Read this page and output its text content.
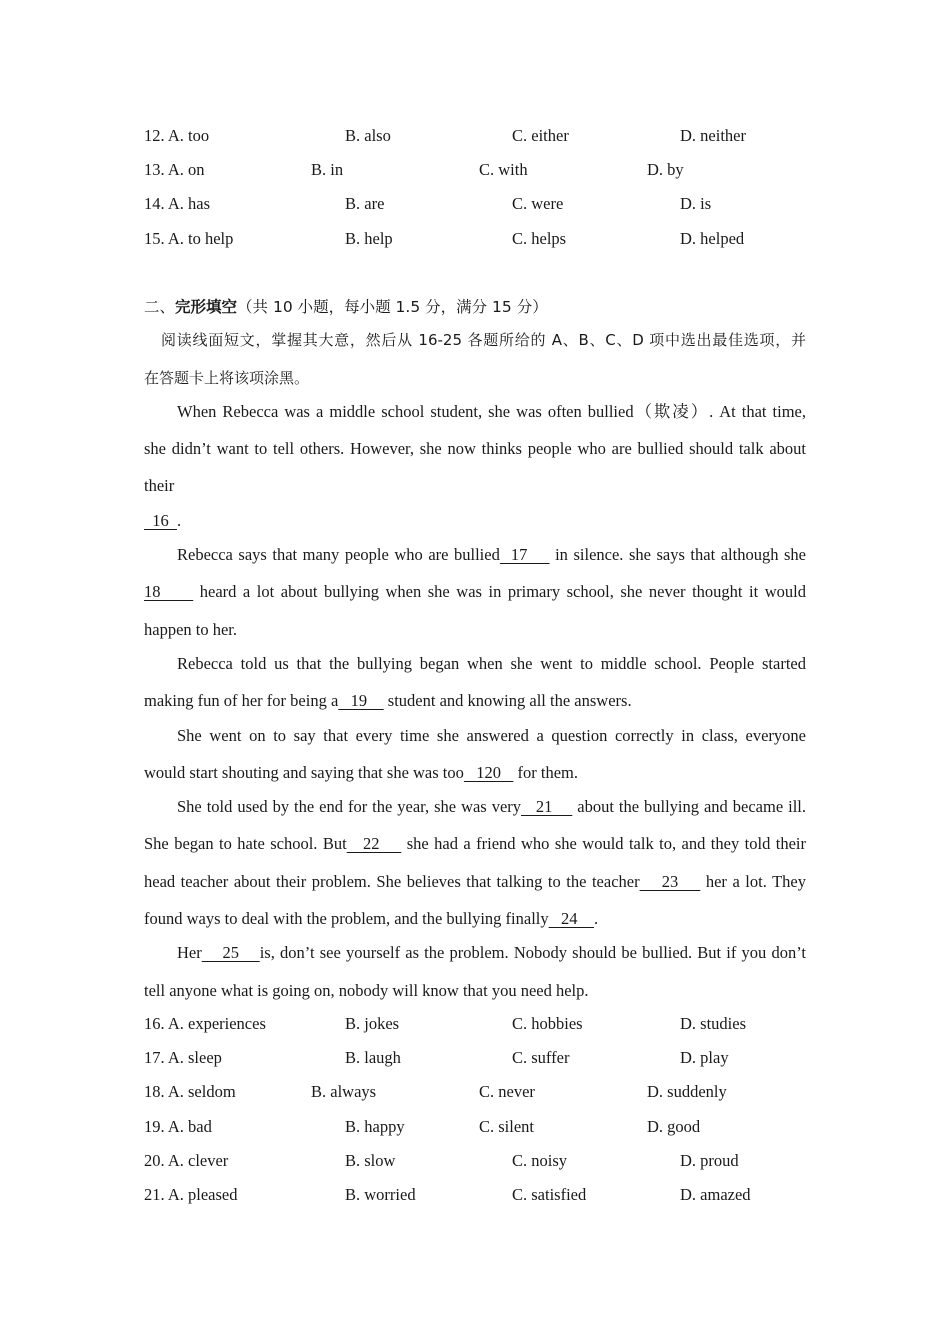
12. A. too	B. also	C. either	D. neither
13. A. on	B. in	C. with	D. by
14. A. has	B. are	C. were	D. is
15. A. to help	B. help	C. helps	D. helped
二、完形填空（共 10 小题，每小题 1.5 分，满分 15 分）
阅读线面短文，掌握其大意，然后从 16-25 各题所给的 A、B、C、D 项中选出最佳选项，并
在答题卡上将该项涂黑。
When Rebecca was a middle school student, she was often bullied（欺凌）. At that time,
she didn’t want to tell others. However, she now thinks people who are bullied should talk about
their
16  .
Rebecca says that many people who are bullied  17     in silence. she says that although she
18      heard a lot about bullying when she was in primary school, she never thought it would
happen to her.
Rebecca told us that the bullying began when she went to middle school. People started
making fun of her for being a   19     student and knowing all the answers.
She went on to say that every time she answered a question correctly in class, everyone
would start shouting and saying that she was too   120    for them.
She told used by the end for the year, she was very   21     about the bullying and became ill.
She began to hate school. But   22     she had a friend who she would talk to, and they told their
head teacher about their problem. She believes that talking to the teacher    23     her a lot. They
found ways to deal with the problem, and the bullying finally   24    .
Her    25    is, don’t see yourself as the problem. Nobody should be bullied. But if you don’t
tell anyone what is going on, nobody will know that you need help.
16. A. experiences	B. jokes	C. hobbies	D. studies
17. A. sleep	B. laugh	C. suffer	D. play
18. A. seldom	B. always	C. never	D. suddenly
19. A. bad	B. happy	C. silent	D. good
20. A. clever	B. slow	C. noisy	D. proud
21. A. pleased	B. worried	C. satisfied	D. amazed
